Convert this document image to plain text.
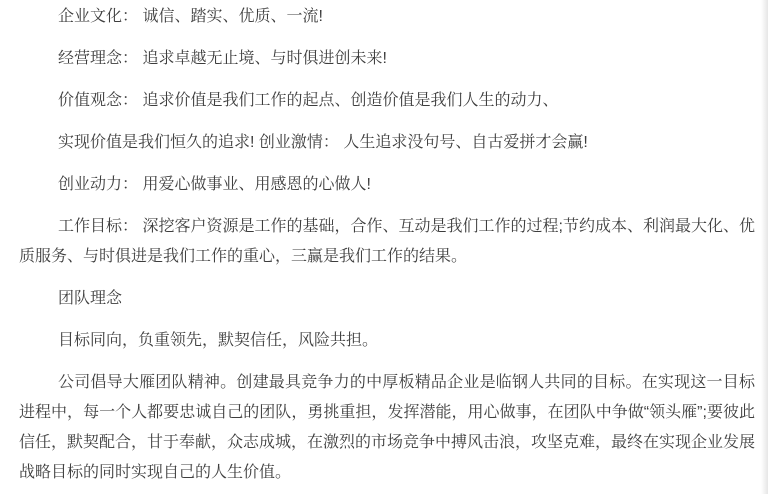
企业文化： 诚信、踏实、优质、一流!

经营理念： 追求卓越无止境、与时俱进创未来!

价值观念： 追求价值是我们工作的起点、创造价值是我们人生的动力、

实现价值是我们恒久的追求! 创业激情： 人生追求没句号、自古爱拼才会赢!

创业动力： 用爱心做事业、用感恩的心做人!

工作目标： 深挖客户资源是工作的基础，合作、互动是我们工作的过程;节约成本、利润最大化、优质服务、与时俱进是我们工作的重心，三赢是我们工作的结果。

团队理念

目标同向，负重领先，默契信任，风险共担。

公司倡导大雁团队精神。创建最具竞争力的中厚板精品企业是临钢人共同的目标。在实现这一目标进程中，每一个人都要忠诚自己的团队，勇挑重担，发挥潜能，用心做事，在团队中争做“领头雁”;要彼此信任，默契配合，甘于奉献，众志成城，在激烈的市场竞争中搏风击浪，攻坚克难，最终在实现企业发展战略目标的同时实现自己的人生价值。
